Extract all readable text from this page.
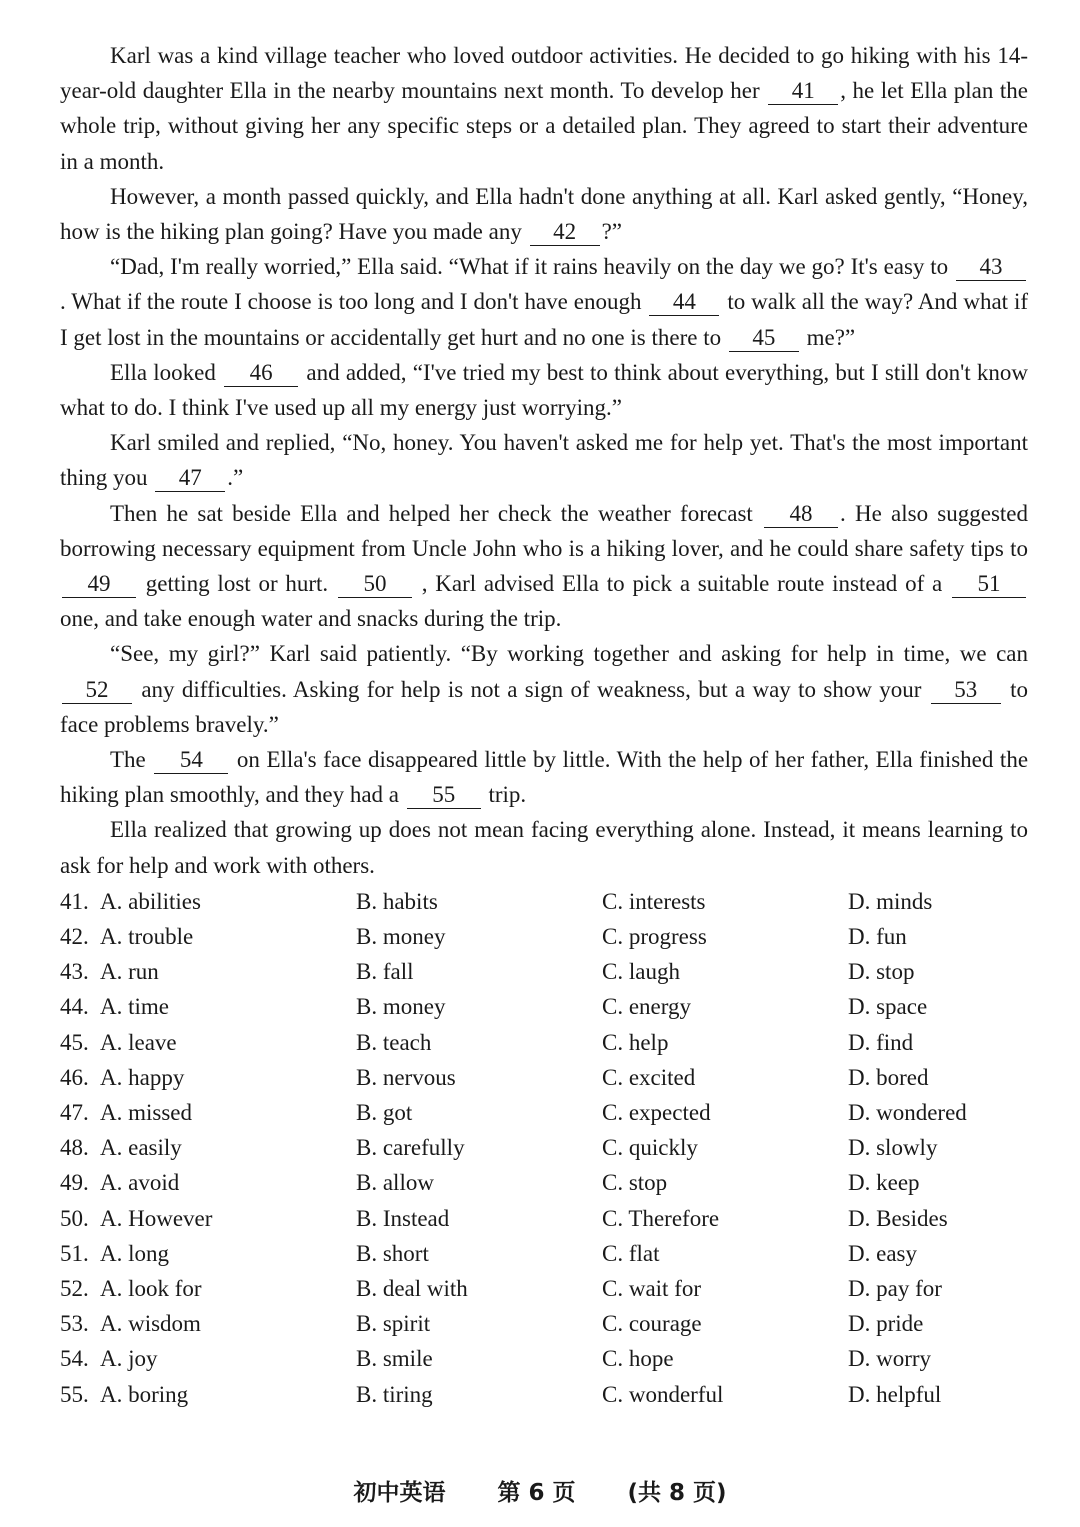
Karl was a kind village teacher who loved outdoor activities. He decided to go hiking with his 14-year-old daughter Ella in the nearby mountains next month. To develop her 41 , he let Ella plan the whole trip, without giving her any specific steps or a detailed plan. They agreed to start their adventure in a month.

However, a month passed quickly, and Ella hadn't done anything at all. Karl asked gently, “Honey, how is the hiking plan going? Have you made any 42 ?”

“Dad, I'm really worried,” Ella said. “What if it rains heavily on the day we go? It's easy to 43. What if the route I choose is too long and I don't have enough 44 to walk all the way? And what if I get lost in the mountains or accidentally get hurt and no one is there to 45 me?”

Ella looked 46 and added, “I've tried my best to think about everything, but I still don't know what to do. I think I've used up all my energy just worrying.”

Karl smiled and replied, “No, honey. You haven't asked me for help yet. That's the most important thing you 47 .”

Then he sat beside Ella and helped her check the weather forecast 48 . He also suggested borrowing necessary equipment from Uncle John who is a hiking lover, and he could share safety tips to 49 getting lost or hurt. 50 , Karl advised Ella to pick a suitable route instead of a 51 one, and take enough water and snacks during the trip.

“See, my girl?” Karl said patiently. “By working together and asking for help in time, we can 52 any difficulties. Asking for help is not a sign of weakness, but a way to show your 53 to face problems bravely.”

The 54 on Ella's face disappeared little by little. With the help of her father, Ella finished the hiking plan smoothly, and they had a 55 trip.

Ella realized that growing up does not mean facing everything alone. Instead, it means learning to ask for help and work with others.

41. A. abilities	B. habits	C. interests	D. minds
42. A. trouble	B. money	C. progress	D. fun
43. A. run	B. fall	C. laugh	D. stop
44. A. time	B. money	C. energy	D. space
45. A. leave	B. teach	C. help	D. find
46. A. happy	B. nervous	C. excited	D. bored
47. A. missed	B. got	C. expected	D. wondered
48. A. easily	B. carefully	C. quickly	D. slowly
49. A. avoid	B. allow	C. stop	D. keep
50. A. However	B. Instead	C. Therefore	D. Besides
51. A. long	B. short	C. flat	D. easy
52. A. look for	B. deal with	C. wait for	D. pay for
53. A. wisdom	B. spirit	C. courage	D. pride
54. A. joy	B. smile	C. hope	D. worry
55. A. boring	B. tiring	C. wonderful	D. helpful
初中英语 第 6 页 (共 8 页)
